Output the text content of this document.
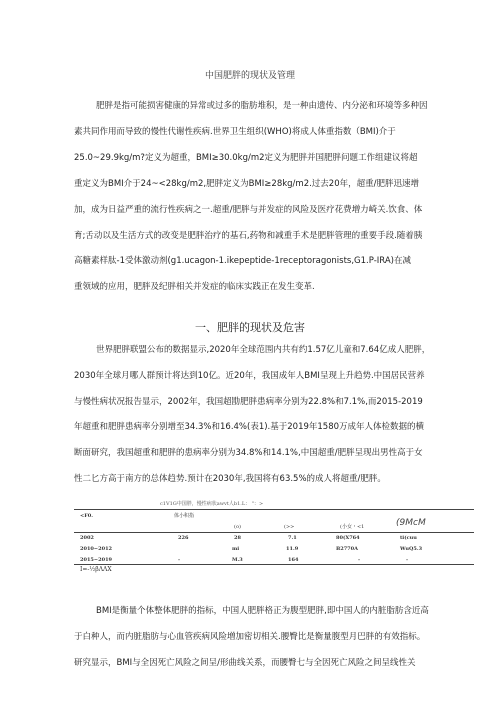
中国肥胖的现状及管理
肥胖是指可能损害健康的异常或过多的脂肪堆积，是一种由遗传、内分泌和环境等多种因
素共同作用而导致的慢性代谢性疾病.世界卫生组织(WHO)将成人体重指数（BMI)介于
25.0~29.9kg/m?定义为超重，BMI≥30.0kg/m2定义为肥胖并国肥胖问题工作组建议将超
重定义为BMI介于24~<28kg/m2,肥胖定义为BMI≥28kg/m2.过去20年，超重/肥胖迅速增
加，成为日益严重的流行性疾病之一.超重/肥胖与并发症的风险及医疗花费増力崎关.饮食、体
育;舌动以及生活方式的改变是肥胖治疗的基石,药物和减重手术是肥胖管理的重要手段.随着胰
高糖素样肽-1受体激动剂(g1.ucagon-1.ikepeptide-1receptoragonists,G1.P-IRA)在减
重领域的应用，肥胖及纪胖相关并发症的临床实践正在发生变革.
一、肥胖的现状及危害
世界肥胖联盟公布的数据显示,2020年全球范围内共有约1.57亿儿童和7.64亿成人肥胖，
2030年全球月哪人群预计将达到10亿。近20年，我国成年人BMI呈现上升趋势.中国居民营养
与慢性病状况报告显示，2002年，我国超勖肥胖患病率分别为22.8%和7.1%,而2015-2019
年超重和肥胖患病率分别增至34.3%和16.4%(表1).基于2019年1580万成年人体检数据的横
断面研究，我国超重和肥胖的患病率分别为34.8%和14.1%,中国超重/肥胖呈现出男性高于女
性二匕方高于南方的总体趋势.预计在2030年,我国将有63.5%的成人将超重/肥胖。
c1V1G中国胖，慢性病状awvt人b1.L： "：>
<F0.	体小积指
(o)	(>>	(小女・<1	(9McM
2002	226	28	7.1	80(X764	ti(cuu
2010~2012	mi	11.9	B2770A	WuQ5.3
2015~2019	-	M.3	164	-	-
I=-½βΛΛX
BMI是衡量个体整体肥胖的指标，中国人肥胖格正为腹型肥胖,即中国人的内脏脂肪含近高
于白种人，而内脏脂肪与心血管疾病风险増加密切相关.腰臀比是衡量腹型月巴胖的有效指标。
研究显示，BMI与全因死亡风险之间呈/形曲线关系，而腰臀七与全因死亡风险之间呈线性关
